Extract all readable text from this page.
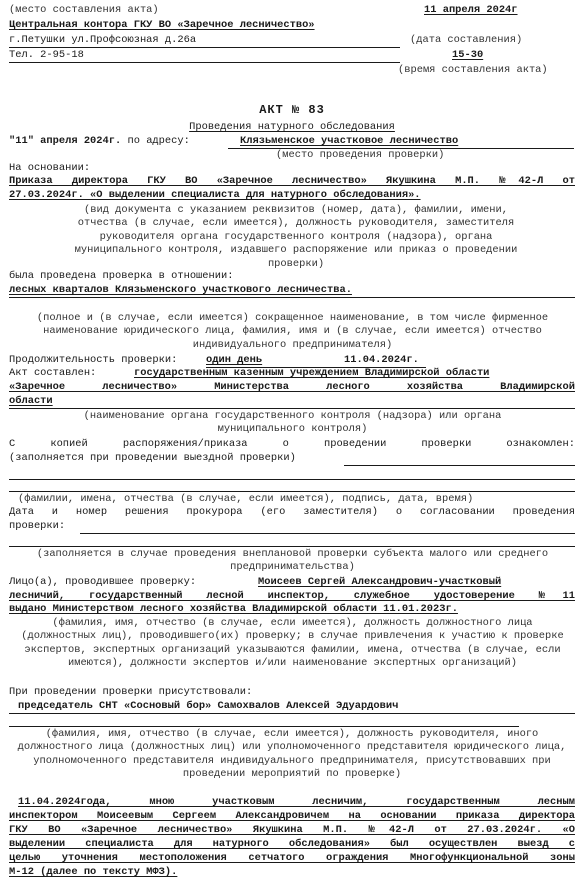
(место составления акта)	11 апреля 2024г
Центральная контора ГКУ ВО «Заречное лесничество»
г.Петушки ул.Профсоюзная д.26а	(дата составления)
Тел. 2-95-18	15-30
(время составления акта)
АКТ № 83
Проведения натурного обследования
"11" апреля 2024г. по адресу:	Клязьменское участковое лесничество
(место проведения проверки)
На основании:
Приказа директора ГКУ ВО «Заречное лесничество» Якушкина М.П. №42-Л от
27.03.2024г. «О выделении специалиста для натурного обследования».
(вид документа с указанием реквизитов (номер, дата), фамилии, имени, отчества (в случае, если имеется), должность руководителя, заместителя руководителя органа государственного контроля (надзора), органа муниципального контроля, издавшего распоряжение или приказ о проведении проверки)
была проведена проверка в отношении:
лесных кварталов Клязьменского участкового лесничества.
(полное и (в случае, если имеется) сокращенное наименование, в том числе фирменное наименование юридического лица, фамилия, имя и (в случае, если имеется) отчество индивидуального предпринимателя)
Продолжительность проверки:	один день	11.04.2024г.
Акт составлен:	государственным казенным учреждением Владимирской области
«Заречное лесничество» Министерства лесного хозяйства Владимирской
области
(наименование органа государственного контроля (надзора) или органа муниципального контроля)
С копией распоряжения/приказа о проведении проверки ознакомлен:
(заполняется при проведении выездной проверки)
(фамилии, имена, отчества (в случае, если имеется), подпись, дата, время)
Дата и номер решения прокурора (его заместителя) о согласовании проведения
проверки:
(заполняется в случае проведения внеплановой проверки субъекта малого или среднего предпринимательства)
Лицо(а), проводившее проверку:	Моисеев Сергей Александрович-участковый
лесничий, государственный лесной инспектор, служебное удостоверение №11
выдано Министерством лесного хозяйства Владимирской области 11.01.2023г.
(фамилия, имя, отчество (в случае, если имеется), должность должностного лица (должностных лиц), проводившего(их) проверку; в случае привлечения к участию к проверке экспертов, экспертных организаций указываются фамилии, имена, отчества (в случае, если имеются), должности экспертов и/или наименование экспертных организаций)
При проведении проверки присутствовали:
председатель СНТ «Сосновый бор» Самохвалов Алексей Эдуардович
(фамилия, имя, отчество (в случае, если имеется), должность руководителя, иного должностного лица (должностных лиц) или уполномоченного представителя юридического лица, уполномоченного представителя индивидуального предпринимателя, присутствовавших при проведении мероприятий по проверке)
11.04.2024года, мною участковым лесничим, государственным лесным
инспектором Моисеевым Сергеем Александровичем на основании приказа директора
ГКУ ВО «Заречное лесничество» Якушкина М.П. №42-Л от 27.03.2024г. «О
выделении специалиста для натурного обследования» был осуществлен выезд с
целью уточнения местоположения сетчатого ограждения Многофункциональной зоны
М-12 (далее по тексту МФЗ).
